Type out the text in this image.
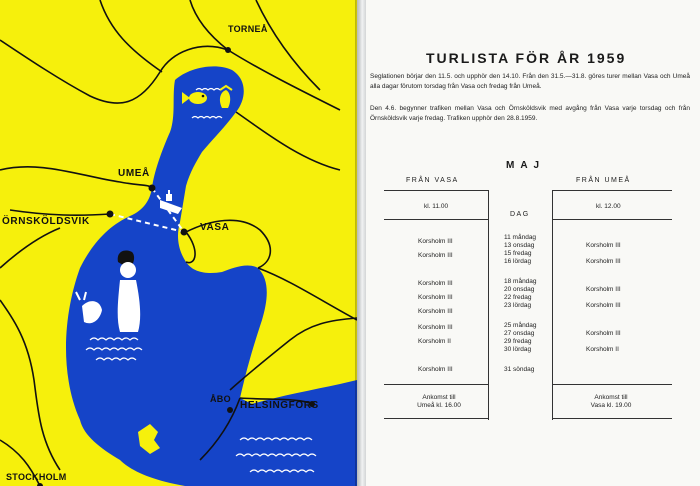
TORNEÅ
UMEÅ
ÖRNSKÖLDSVIK
VASA
ÅBO
HELSINGFORS
STOCKHOLM
TURLISTA FÖR ÅR 1959
Seglationen börjar den 11.5. och upphör den 14.10. Från den 31.5.—31.8. göres turer mellan Vasa och Umeå alla dagar förutom torsdag från Vasa och fredag från Umeå.
Den 4.6. begynner trafiken mellan Vasa och Örnsköldsvik med avgång från Vasa varje torsdag och från Örnsköldsvik varje fredag. Trafiken upphör den 28.8.1959.
MAJ
FRÅN VASA	FRÅN UMEÅ
kl. 11.00	kl. 12.00
DAG
11 måndag
13 onsdag
15 fredag
16 lördag
18 måndag
20 onsdag
22 fredag
23 lördag
25 måndag
27 onsdag
29 fredag
30 lördag
31 söndag
Korsholm III
Korsholm III
Korsholm III
Korsholm III
Korsholm III
Korsholm III
Korsholm II
Korsholm III
Korsholm III
Korsholm III
Korsholm III
Korsholm III
Korsholm III
Korsholm II
Ankomst till
Umeå kl. 16.00
Ankomst till
Vasa kl. 19.00
